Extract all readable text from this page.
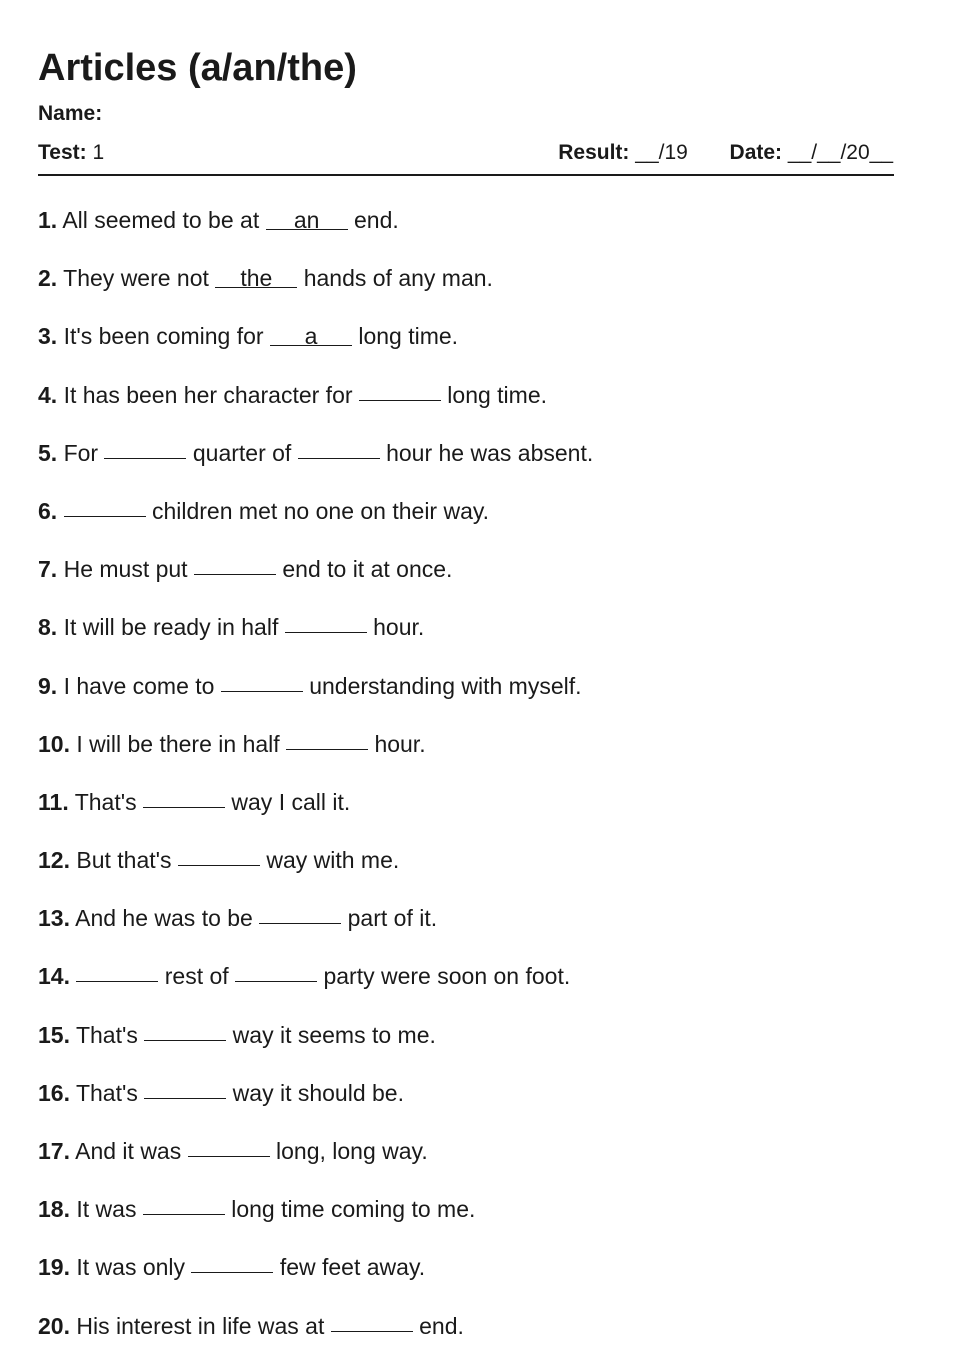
Articles (a/an/the)
Name:
Test: 1	Result: __/19 Date: __/__/20__
1. All seemed to be at an end.
2. They were not the hands of any man.
3. It's been coming for a long time.
4. It has been her character for	long time.
5. For	quarter of	hour he was absent.
6.	children met no one on their way.
7. He must put	end to it at once.
8. It will be ready in half	hour.
9. I have come to	understanding with myself.
10. I will be there in half	hour.
11. That's	way I call it.
12. But that's	way with me.
13. And he was to be	part of it.
14.	rest of	party were soon on foot.
15. That's	way it seems to me.
16. That's	way it should be.
17. And it was	long, long way.
18. It was	long time coming to me.
19. It was only	few feet away.
20. His interest in life was at	end.
